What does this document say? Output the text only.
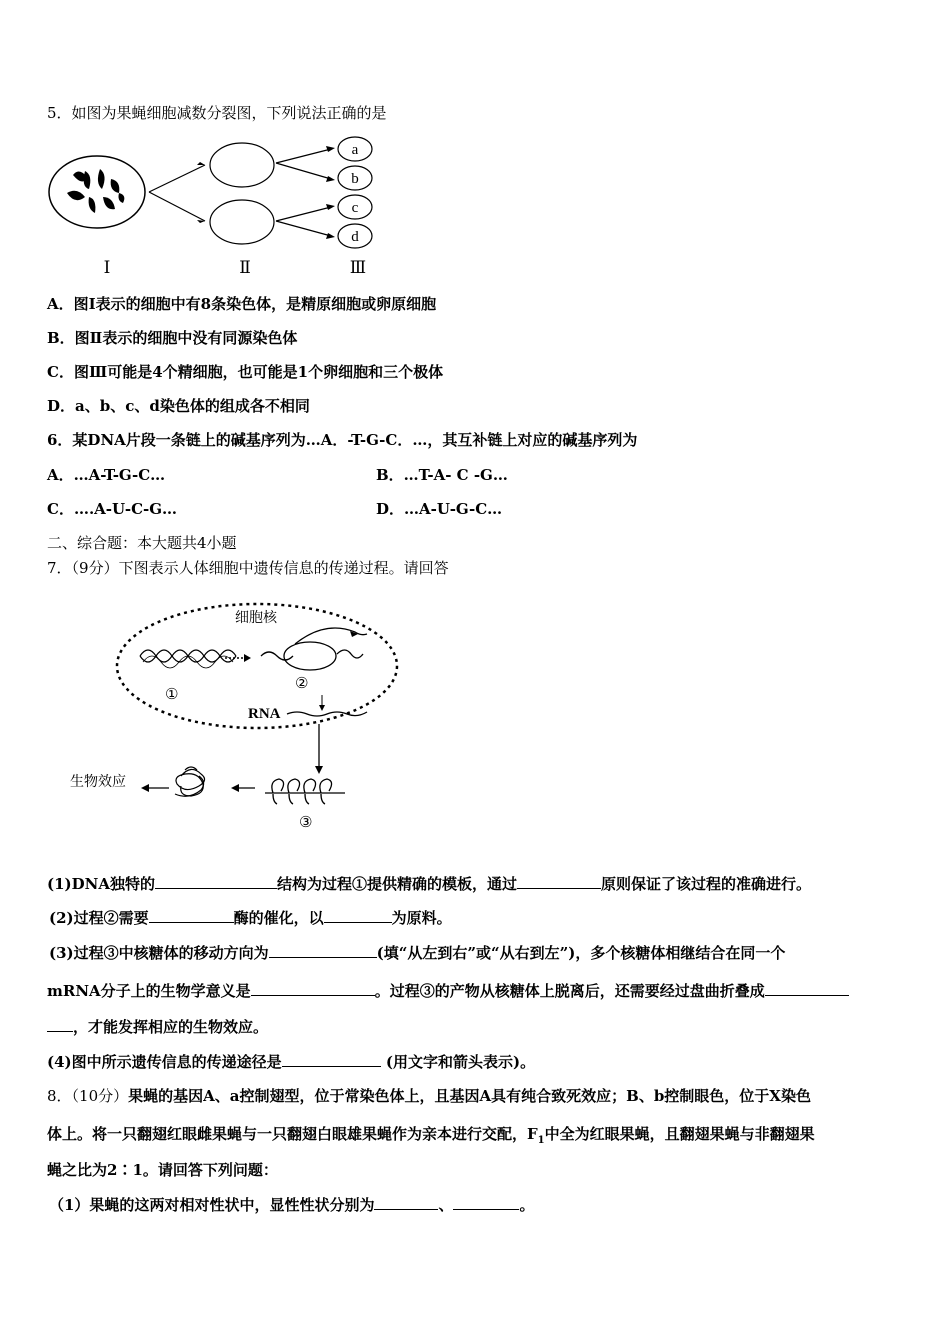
5．如图为果蝇细胞减数分裂图，下列说法正确的是
a
b
c
d
Ⅰ	Ⅱ	Ⅲ
A．图Ⅰ表示的细胞中有8条染色体，是精原细胞或卵原细胞
B．图Ⅱ表示的细胞中没有同源染色体
C．图Ⅲ可能是4个精细胞，也可能是1个卵细胞和三个极体
D．a、b、c、d染色体的组成各不相同
6．某DNA片段一条链上的碱基序列为…A．-T-G-C．…，其互补链上对应的碱基序列为
A．…A-T-G-C…	B．…T-A- C -G…
C．….A-U-C-G…	D．…A-U-G-C…
二、综合题：本大题共4小题
7．（9分）下图表示人体细胞中遗传信息的传递过程。请回答
细胞核
①
②
RNA
③
生物效应
(1)DNA独特的	结构为过程①提供精确的模板，通过	原则保证了该过程的准确进行。
(2)过程②需要	酶的催化，以	为原料。
(3)过程③中核糖体的移动方向为	(填“从左到右”或“从右到左”)，多个核糖体相继结合在同一个
mRNA分子上的生物学意义是	。过程③的产物从核糖体上脱离后，还需要经过盘曲折叠成
，才能发挥相应的生物效应。
(4)图中所示遗传信息的传递途径是	(用文字和箭头表示)。
8．（10分）果蝇的基因A、a控制翅型，位于常染色体上，且基因A具有纯合致死效应；B、b控制眼色，位于X染色
体上。将一只翻翅红眼雌果蝇与一只翻翅白眼雄果蝇作为亲本进行交配，$F_1$中全为红眼果蝇，且翻翅果蝇与非翻翅果
蝇之比为2∶1。请回答下列问题：
（1）果蝇的这两对相对性状中，显性性状分别为	、	。
